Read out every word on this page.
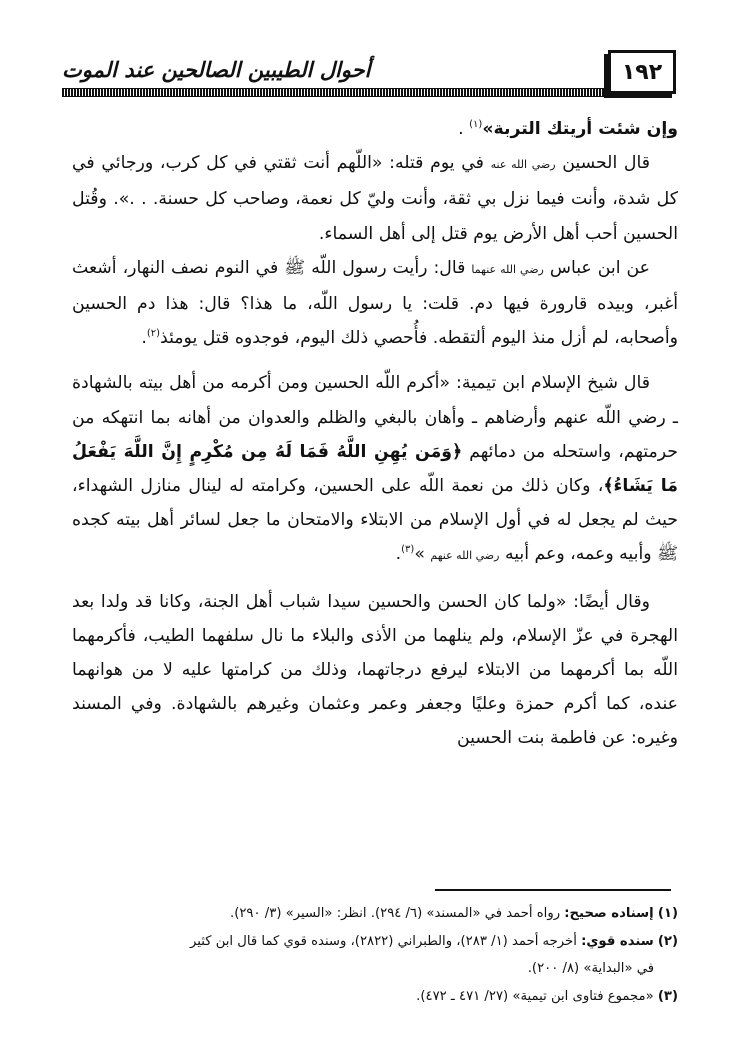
١٩٢
أحوال الطيبين الصالحين عند الموت

وإن شئت أريتك التربة»$^{(١)}$ .

قال الحسين رضي الله عنه في يوم قتله: «اللّهم أنت ثقتي في كل كرب، ورجائي في كل شدة، وأنت فيما نزل بي ثقة، وأنت وليّ كل نعمة، وصاحب كل حسنة. . .». وقُتل الحسين أحب أهل الأرض يوم قتل إلى أهل السماء.

عن ابن عباس رضي الله عنهما قال: رأيت رسول اللّه ﷺ في النوم نصف النهار، أشعث أغبر، وبيده قارورة فيها دم. قلت: يا رسول اللّه، ما هذا؟ قال: هذا دم الحسين وأصحابه، لم أزل منذ اليوم ألتقطه. فأُحصي ذلك اليوم، فوجدوه قتل يومئذ$^{(٢)}$.

قال شيخ الإسلام ابن تيمية: «أكرم اللّه الحسين ومن أكرمه من أهل بيته بالشهادة ـ رضي اللّه عنهم وأرضاهم ـ وأهان بالبغي والظلم والعدوان من أهانه بما انتهكه من حرمتهم، واستحله من دمائهم ﴿وَمَن يُهِنِ اللَّهُ فَمَا لَهُ مِن مُكْرِمٍ إِنَّ اللَّهَ يَفْعَلُ مَا يَشَاءُ﴾، وكان ذلك من نعمة اللّه على الحسين، وكرامته له لينال منازل الشهداء، حيث لم يجعل له في أول الإسلام من الابتلاء والامتحان ما جعل لسائر أهل بيته كجده ﷺ وأبيه وعمه، وعم أبيه رضي الله عنهم »$^{(٣)}$.

وقال أيضًا: «ولما كان الحسن والحسين سيدا شباب أهل الجنة، وكانا قد ولدا بعد الهجرة في عزّ الإسلام، ولم ينلهما من الأذى والبلاء ما نال سلفهما الطيب، فأكرمهما اللّه بما أكرمهما من الابتلاء ليرفع درجاتهما، وذلك من كرامتها عليه لا من هوانهما عنده، كما أكرم حمزة وعليًا وجعفر وعمر وعثمان وغيرهم بالشهادة. وفي المسند وغيره: عن فاطمة بنت الحسين

(١) إسناده صحيح: رواه أحمد في «المسند» (٦/ ٢٩٤). انظر: «السير» (٣/ ٢٩٠).

(٢) سنده قوي: أخرجه أحمد (١/ ٢٨٣)، والطبراني (٢٨٢٢)، وسنده قوي كما قال ابن كثير

في «البداية» (٨/ ٢٠٠).

(٣) «مجموع فتاوى ابن تيمية» (٢٧/ ٤٧١ ـ ٤٧٢).
